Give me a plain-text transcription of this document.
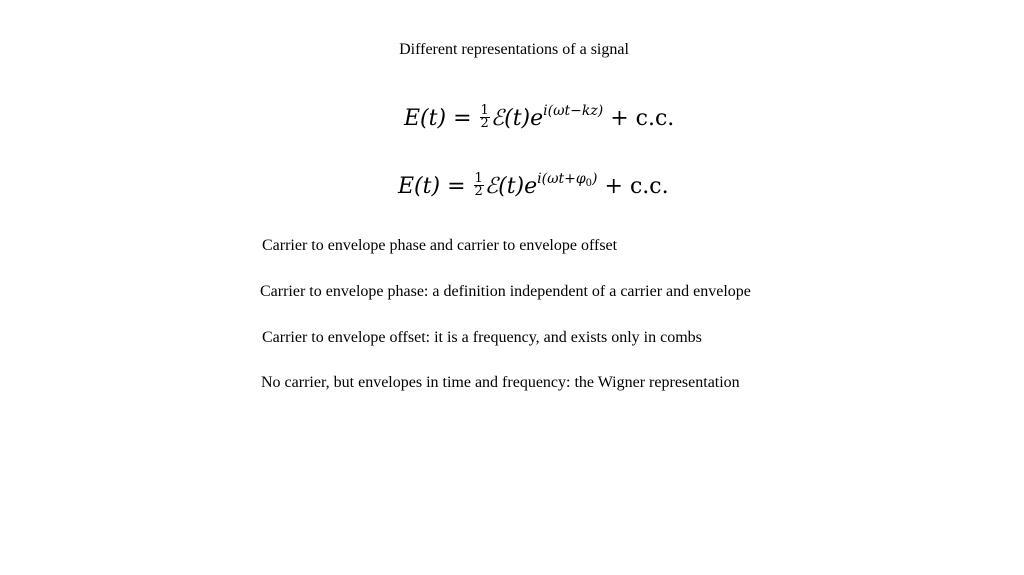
Different representations of a signal
$E(t) = \frac{1}{2}$ $ℰ(t)e^{i(\omega t-kz)} + c.c$.
$E(t) = \frac{1}{2}$ $ℰ(t)e^{i(\omega t+\varphi_0)} + c.c$.
Carrier to envelope phase and carrier to envelope offset
Carrier to envelope phase: a definition independent of a carrier and envelope
Carrier to envelope offset: it is a frequency, and exists only in combs
No carrier, but envelopes in time and frequency: the Wigner representation
